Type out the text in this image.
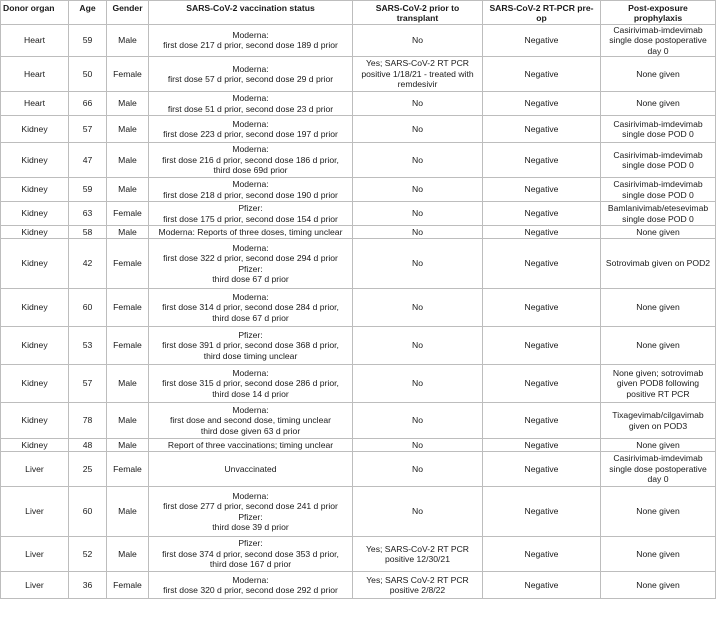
Donor organ	Age	Gender	SARS-CoV-2 vaccination status	SARS-CoV-2 prior to transplant	SARS-CoV-2 RT-PCR pre-op	Post-exposure prophylaxis
Heart	59	Male	Moderna:
first dose 217 d prior, second dose 189 d prior	No	Negative	Casirivimab-imdevimab
single dose postoperative
day 0

Heart	50	Female	Moderna:
first dose 57 d prior, second dose 29 d prior	Yes; SARS-CoV-2 RT PCR
positive 1/18/21 - treated with
remdesivir	Negative	None given

Heart	66	Male	Moderna:
first dose 51 d prior, second dose 23 d prior	No	Negative	None given

Kidney	57	Male	Moderna:
first dose 223 d prior, second dose 197 d prior	No	Negative	Casirivimab-imdevimab
single dose POD 0

Kidney	47	Male	Moderna:
first dose 216 d prior, second dose 186 d prior,
third dose 69d prior	No	Negative	Casirivimab-imdevimab
single dose POD 0

Kidney	59	Male	Moderna:
first dose 218 d prior, second dose 190 d prior	No	Negative	Casirivimab-imdevimab
single dose POD 0

Kidney	63	Female	Pfizer:
first dose 175 d prior, second dose 154 d prior	No	Negative	Bamlanivimab/etesevimab
single dose POD 0

Kidney	58	Male	Moderna: Reports of three doses, timing unclear	No	Negative	None given

Kidney	42	Female	Moderna:
first dose 322 d prior, second dose 294 d prior
Pfizer:
third dose 67 d prior	No	Negative	Sotrovimab given on POD2

Kidney	60	Female	Moderna:
first dose 314 d prior, second dose 284 d prior,
third dose 67 d prior	No	Negative	None given

Kidney	53	Female	Pfizer:
first dose 391 d prior, second dose 368 d prior,
third dose timing unclear	No	Negative	None given

Kidney	57	Male	Moderna:
first dose 315 d prior, second dose 286 d prior,
third dose 14 d prior	No	Negative	None given; sotrovimab
given POD8 following
positive RT PCR

Kidney	78	Male	Moderna:
first dose and second dose, timing unclear
third dose given 63 d prior	No	Negative	Tixagevimab/cilgavimab
given on POD3

Kidney	48	Male	Report of three vaccinations; timing unclear	No	Negative	None given

Liver	25	Female	Unvaccinated	No	Negative	Casirivimab-imdevimab
single dose postoperative
day 0

Liver	60	Male	Moderna:
first dose 277 d prior, second dose 241 d prior
Pfizer:
third dose 39 d prior	No	Negative	None given

Liver	52	Male	Pfizer:
first dose 374 d prior, second dose 353 d prior,
third dose 167 d prior	Yes; SARS-CoV-2 RT PCR
positive 12/30/21	Negative	None given

Liver	36	Female	Moderna:
first dose 320 d prior, second dose 292 d prior	Yes; SARS CoV-2 RT PCR
positive 2/8/22	Negative	None given
